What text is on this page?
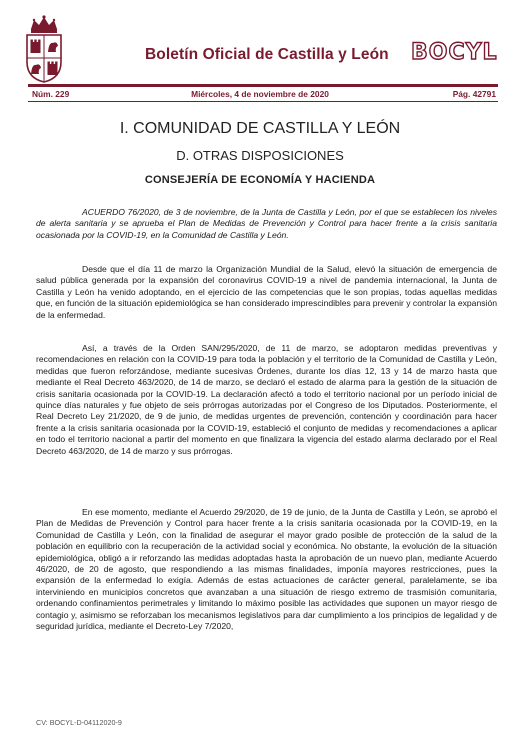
Boletín Oficial de Castilla y León BOCYL
Núm. 229	Miércoles, 4 de noviembre de 2020	Pág. 42791
I. COMUNIDAD DE CASTILLA Y LEÓN
D. OTRAS DISPOSICIONES
CONSEJERÍA DE ECONOMÍA Y HACIENDA

ACUERDO 76/2020, de 3 de noviembre, de la Junta de Castilla y León, por el que se establecen los niveles de alerta sanitaria y se aprueba el Plan de Medidas de Prevención y Control para hacer frente a la crisis sanitaria ocasionada por la COVID-19, en la Comunidad de Castilla y León.

Desde que el día 11 de marzo la Organización Mundial de la Salud, elevó la situación de emergencia de salud pública generada por la expansión del coronavirus COVID-19 a nivel de pandemia internacional, la Junta de Castilla y León ha venido adoptando, en el ejercicio de las competencias que le son propias, todas aquellas medidas que, en función de la situación epidemiológica se han considerado imprescindibles para prevenir y controlar la expansión de la enfermedad.

Así, a través de la Orden SAN/295/2020, de 11 de marzo, se adoptaron medidas preventivas y recomendaciones en relación con la COVID-19 para toda la población y el territorio de la Comunidad de Castilla y León, medidas que fueron reforzándose, mediante sucesivas Órdenes, durante los días 12, 13 y 14 de marzo hasta que mediante el Real Decreto 463/2020, de 14 de marzo, se declaró el estado de alarma para la gestión de la situación de crisis sanitaria ocasionada por la COVID-19. La declaración afectó a todo el territorio nacional por un período inicial de quince días naturales y fue objeto de seis prórrogas autorizadas por el Congreso de los Diputados. Posteriormente, el Real Decreto Ley 21/2020, de 9 de junio, de medidas urgentes de prevención, contención y coordinación para hacer frente a la crisis sanitaria ocasionada por la COVID-19, estableció el conjunto de medidas y recomendaciones a aplicar en todo el territorio nacional a partir del momento en que finalizara la vigencia del estado alarma declarado por el Real Decreto 463/2020, de 14 de marzo y sus prórrogas.

En ese momento, mediante el Acuerdo 29/2020, de 19 de junio, de la Junta de Castilla y León, se aprobó el Plan de Medidas de Prevención y Control para hacer frente a la crisis sanitaria ocasionada por la COVID-19, en la Comunidad de Castilla y León, con la finalidad de asegurar el mayor grado posible de protección de la salud de la población en equilibrio con la recuperación de la actividad social y económica. No obstante, la evolución de la situación epidemiológica, obligó a ir reforzando las medidas adoptadas hasta la aprobación de un nuevo plan, mediante Acuerdo 46/2020, de 20 de agosto, que respondiendo a las mismas finalidades, imponía mayores restricciones, pues la expansión de la enfermedad lo exigía. Además de estas actuaciones de carácter general, paralelamente, se iba interviniendo en municipios concretos que avanzaban a una situación de riesgo extremo de trasmisión comunitaria, ordenando confinamientos perimetrales y limitando lo máximo posible las actividades que suponen un mayor riesgo de contagio y, asimismo se reforzaban los mecanismos legislativos para dar cumplimiento a los principios de legalidad y de seguridad jurídica, mediante el Decreto-Ley 7/2020,

CV: BOCYL-D-04112020-9
